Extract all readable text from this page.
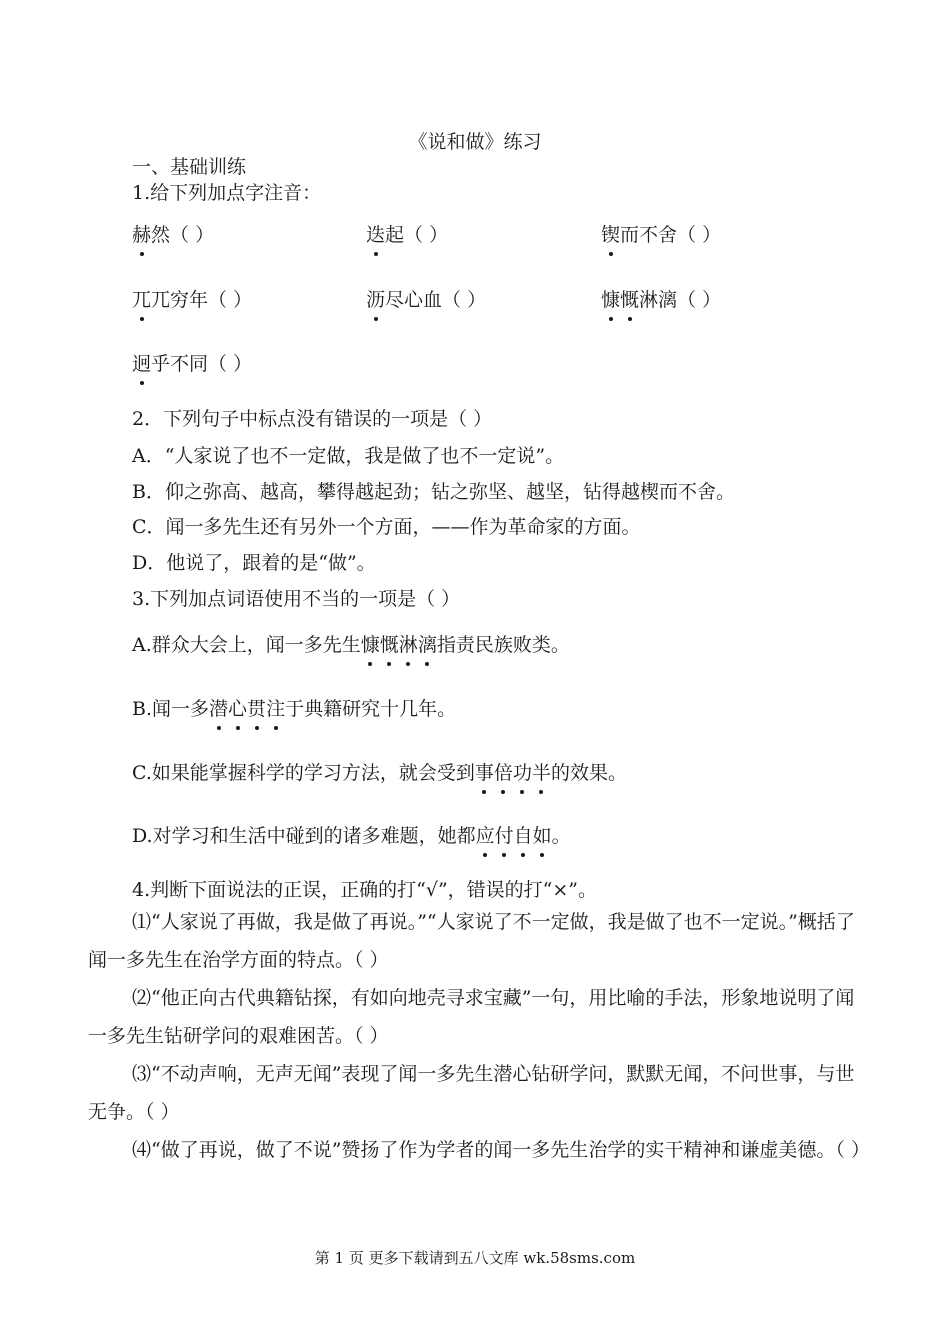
《说和做》练习
一、基础训练
1.给下列加点字注音：
赫然（ ）	迭起（ ）	锲而不舍（ ）
兀兀穷年（ ）	沥尽心血（ ）	慷慨淋漓（ ）
迥乎不同（ ）
2．下列句子中标点没有错误的一项是（ ）
A．“人家说了也不一定做，我是做了也不一定说”。
B．仰之弥高、越高，攀得越起劲；钻之弥坚、越坚，钻得越楔而不舍。
C．闻一多先生还有另外一个方面，——作为革命家的方面。
D．他说了，跟着的是“做”。
3.下列加点词语使用不当的一项是（ ）
A.群众大会上，闻一多先生慷慨淋漓指责民族败类。
B.闻一多潜心贯注于典籍研究十几年。
C.如果能掌握科学的学习方法，就会受到事倍功半的效果。
D.对学习和生活中碰到的诸多难题，她都应付自如。
4.判断下面说法的正误，正确的打“√”，错误的打“×”。
⑴“人家说了再做，我是做了再说。”“人家说了不一定做，我是做了也不一定说。”概括了闻一多先生在治学方面的特点。（ ）
⑵“他正向古代典籍钻探，有如向地壳寻求宝藏”一句，用比喻的手法，形象地说明了闻一多先生钻研学问的艰难困苦。（ ）
⑶“不动声响，无声无闻”表现了闻一多先生潜心钻研学问，默默无闻，不问世事，与世无争。（ ）
⑷“做了再说，做了不说”赞扬了作为学者的闻一多先生治学的实干精神和谦虚美德。（ ）
第 1 页 更多下载请到五八文库 wk.58sms.com
